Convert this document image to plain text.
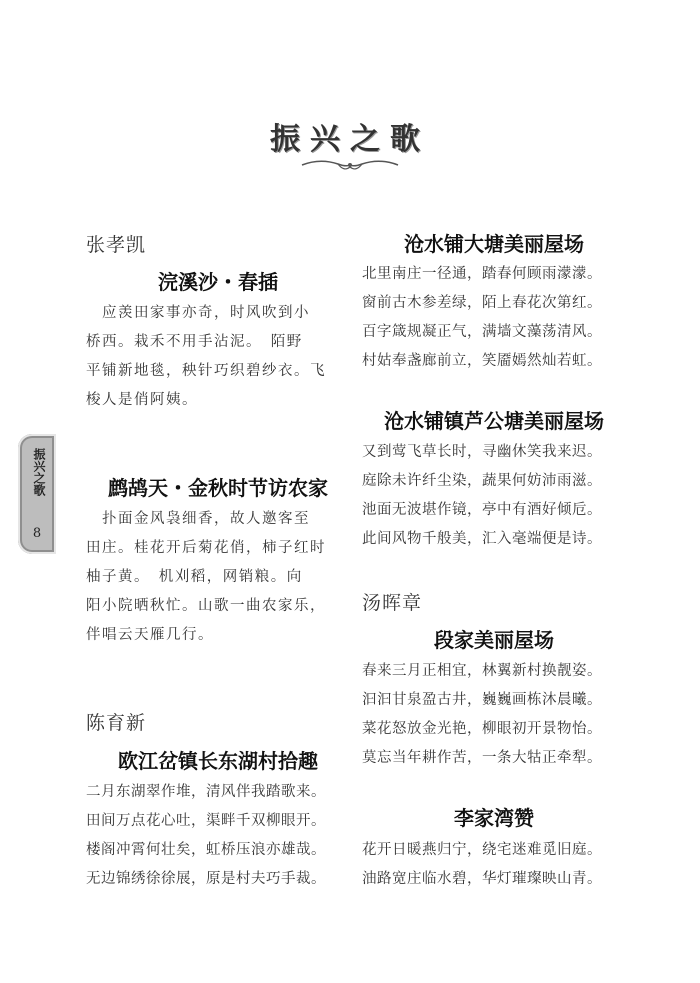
振兴之歌
振兴之歌
8
张孝凯
浣溪沙・春插
　应羡田家事亦奇，时风吹到小
桥西。栽禾不用手沾泥。　陌野
平铺新地毯，秧针巧织碧纱衣。飞
梭人是俏阿姨。
鹧鸪天・金秋时节访农家
　扑面金风袅细香，故人邀客至
田庄。桂花开后菊花俏，柿子红时
柚子黄。　机刈稻，网销粮。向
阳小院晒秋忙。山歌一曲农家乐，
伴唱云天雁几行。
陈育新
欧江岔镇长东湖村拾趣
二月东湖翠作堆，清风伴我踏歌来。
田间万点花心吐，渠畔千双柳眼开。
楼阁冲霄何壮矣，虹桥压浪亦雄哉。
无边锦绣徐徐展，原是村夫巧手裁。
沧水铺大塘美丽屋场
北里南庄一径通，踏春何顾雨濛濛。
窗前古木参差绿，陌上春花次第红。
百字箴规凝正气，满墙文藻荡清风。
村姑奉盏廊前立，笑靥嫣然灿若虹。
沧水铺镇芦公塘美丽屋场
又到莺飞草长时，寻幽休笑我来迟。
庭除未许纤尘染，蔬果何妨沛雨滋。
池面无波堪作镜，亭中有酒好倾卮。
此间风物千般美，汇入毫端便是诗。
汤晖章
段家美丽屋场
春来三月正相宜，林翼新村换靓姿。
汩汩甘泉盈古井，巍巍画栋沐晨曦。
菜花怒放金光艳，柳眼初开景物怡。
莫忘当年耕作苦，一条大牯正牵犁。
李家湾赞
花开日暖燕归宁，绕宅迷难觅旧庭。
油路宽庄临水碧，华灯璀璨映山青。
